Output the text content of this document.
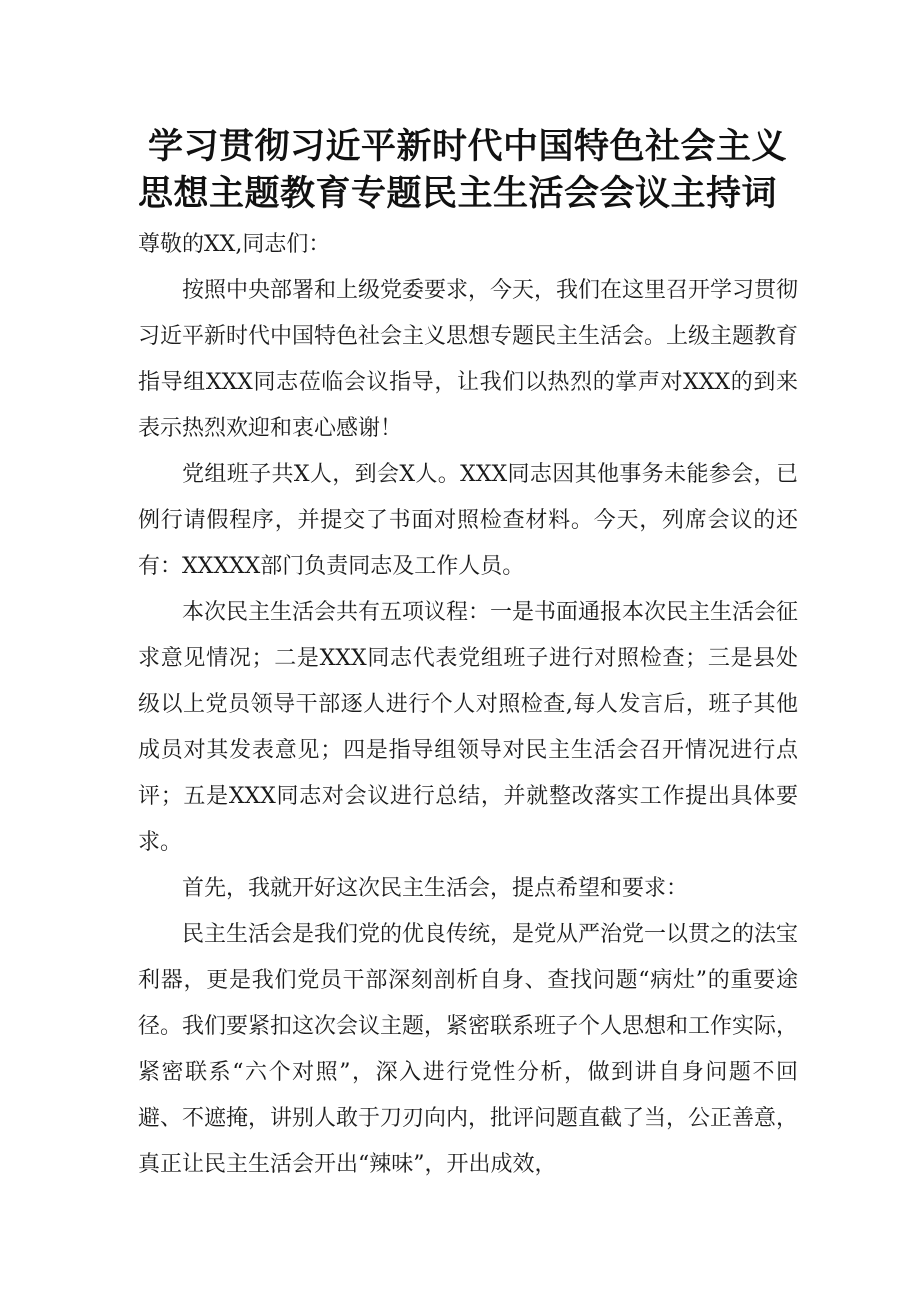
学习贯彻习近平新时代中国特色社会主义
思想主题教育专题民主生活会会议主持词

尊敬的XX,同志们：

按照中央部署和上级党委要求，今天，我们在这里召开学习贯彻习近平新时代中国特色社会主义思想专题民主生活会。上级主题教育指导组XXX同志莅临会议指导，让我们以热烈的掌声对XXX的到来表示热烈欢迎和衷心感谢！

党组班子共X人，到会X人。XXX同志因其他事务未能参会，已例行请假程序，并提交了书面对照检查材料。今天，列席会议的还有：XXXXX部门负责同志及工作人员。

本次民主生活会共有五项议程：一是书面通报本次民主生活会征求意见情况；二是XXX同志代表党组班子进行对照检查；三是县处级以上党员领导干部逐人进行个人对照检查,每人发言后，班子其他成员对其发表意见；四是指导组领导对民主生活会召开情况进行点评；五是XXX同志对会议进行总结，并就整改落实工作提出具体要求。

首先，我就开好这次民主生活会，提点希望和要求：

民主生活会是我们党的优良传统，是党从严治党一以贯之的法宝利器，更是我们党员干部深刻剖析自身、查找问题“病灶”的重要途径。我们要紧扣这次会议主题，紧密联系班子个人思想和工作实际，紧密联系“六个对照”，深入进行党性分析，做到讲自身问题不回避、不遮掩，讲别人敢于刀刃向内，批评问题直截了当，公正善意，真正让民主生活会开出“辣味”，开出成效，
